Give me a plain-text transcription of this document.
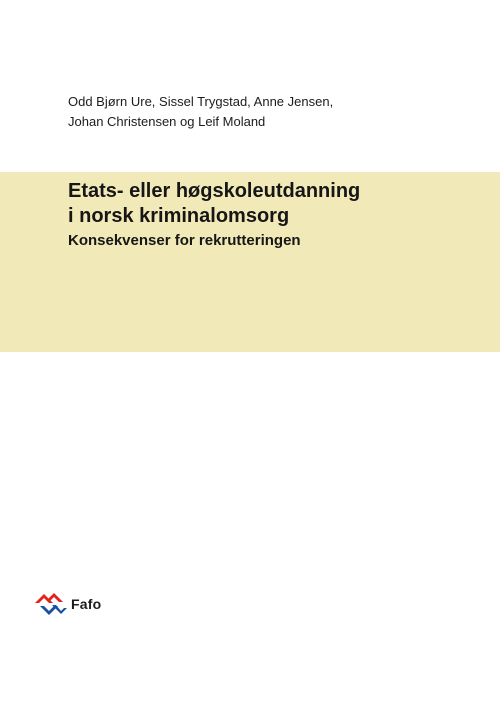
Odd Bjørn Ure, Sissel Trygstad, Anne Jensen,
Johan Christensen og Leif Moland
Etats- eller høgskoleutdanning
i norsk kriminalomsorg
Konsekvenser for rekrutteringen
Fafo
